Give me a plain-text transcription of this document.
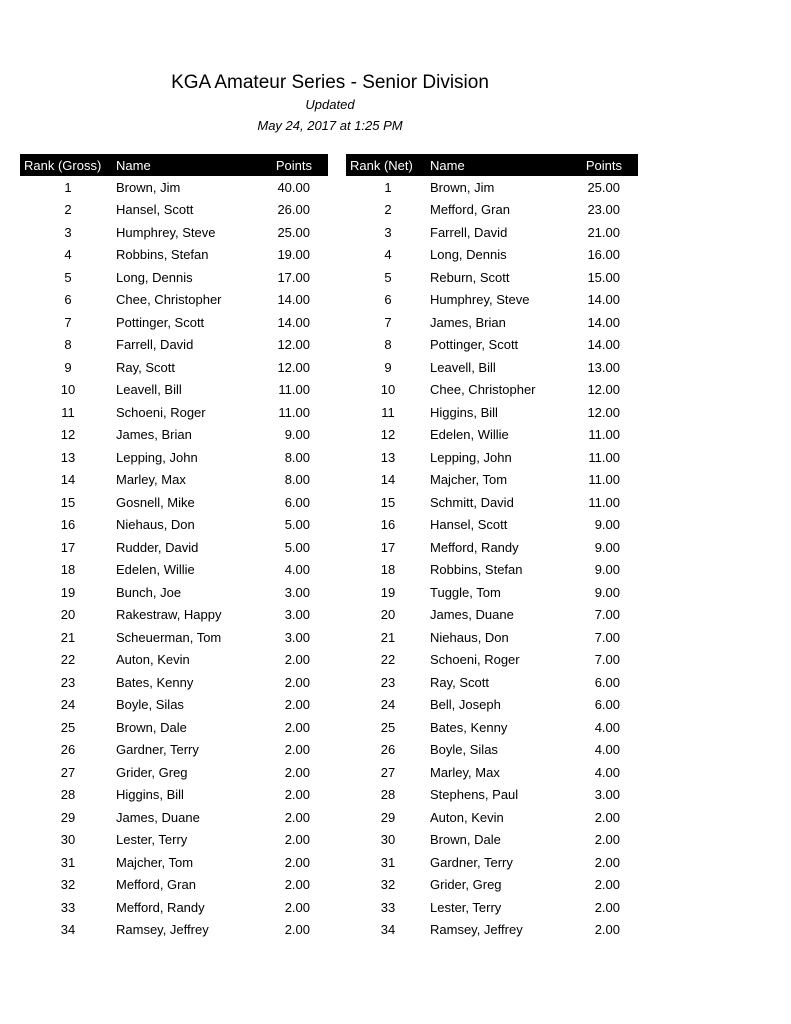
KGA Amateur Series - Senior Division
Updated
May 24, 2017 at 1:25 PM
Rank (Gross)	Name	Points
1	Brown, Jim	40.00
2	Hansel, Scott	26.00
3	Humphrey, Steve	25.00
4	Robbins, Stefan	19.00
5	Long, Dennis	17.00
6	Chee, Christopher	14.00
7	Pottinger, Scott	14.00
8	Farrell, David	12.00
9	Ray, Scott	12.00
10	Leavell, Bill	11.00
11	Schoeni, Roger	11.00
12	James, Brian	9.00
13	Lepping, John	8.00
14	Marley, Max	8.00
15	Gosnell, Mike	6.00
16	Niehaus, Don	5.00
17	Rudder, David	5.00
18	Edelen, Willie	4.00
19	Bunch, Joe	3.00
20	Rakestraw, Happy	3.00
21	Scheuerman, Tom	3.00
22	Auton, Kevin	2.00
23	Bates, Kenny	2.00
24	Boyle, Silas	2.00
25	Brown, Dale	2.00
26	Gardner, Terry	2.00
27	Grider, Greg	2.00
28	Higgins, Bill	2.00
29	James, Duane	2.00
30	Lester, Terry	2.00
31	Majcher, Tom	2.00
32	Mefford, Gran	2.00
33	Mefford, Randy	2.00
34	Ramsey, Jeffrey	2.00
Rank (Net)	Name	Points
1	Brown, Jim	25.00
2	Mefford, Gran	23.00
3	Farrell, David	21.00
4	Long, Dennis	16.00
5	Reburn, Scott	15.00
6	Humphrey, Steve	14.00
7	James, Brian	14.00
8	Pottinger, Scott	14.00
9	Leavell, Bill	13.00
10	Chee, Christopher	12.00
11	Higgins, Bill	12.00
12	Edelen, Willie	11.00
13	Lepping, John	11.00
14	Majcher, Tom	11.00
15	Schmitt, David	11.00
16	Hansel, Scott	9.00
17	Mefford, Randy	9.00
18	Robbins, Stefan	9.00
19	Tuggle, Tom	9.00
20	James, Duane	7.00
21	Niehaus, Don	7.00
22	Schoeni, Roger	7.00
23	Ray, Scott	6.00
24	Bell, Joseph	6.00
25	Bates, Kenny	4.00
26	Boyle, Silas	4.00
27	Marley, Max	4.00
28	Stephens, Paul	3.00
29	Auton, Kevin	2.00
30	Brown, Dale	2.00
31	Gardner, Terry	2.00
32	Grider, Greg	2.00
33	Lester, Terry	2.00
34	Ramsey, Jeffrey	2.00
